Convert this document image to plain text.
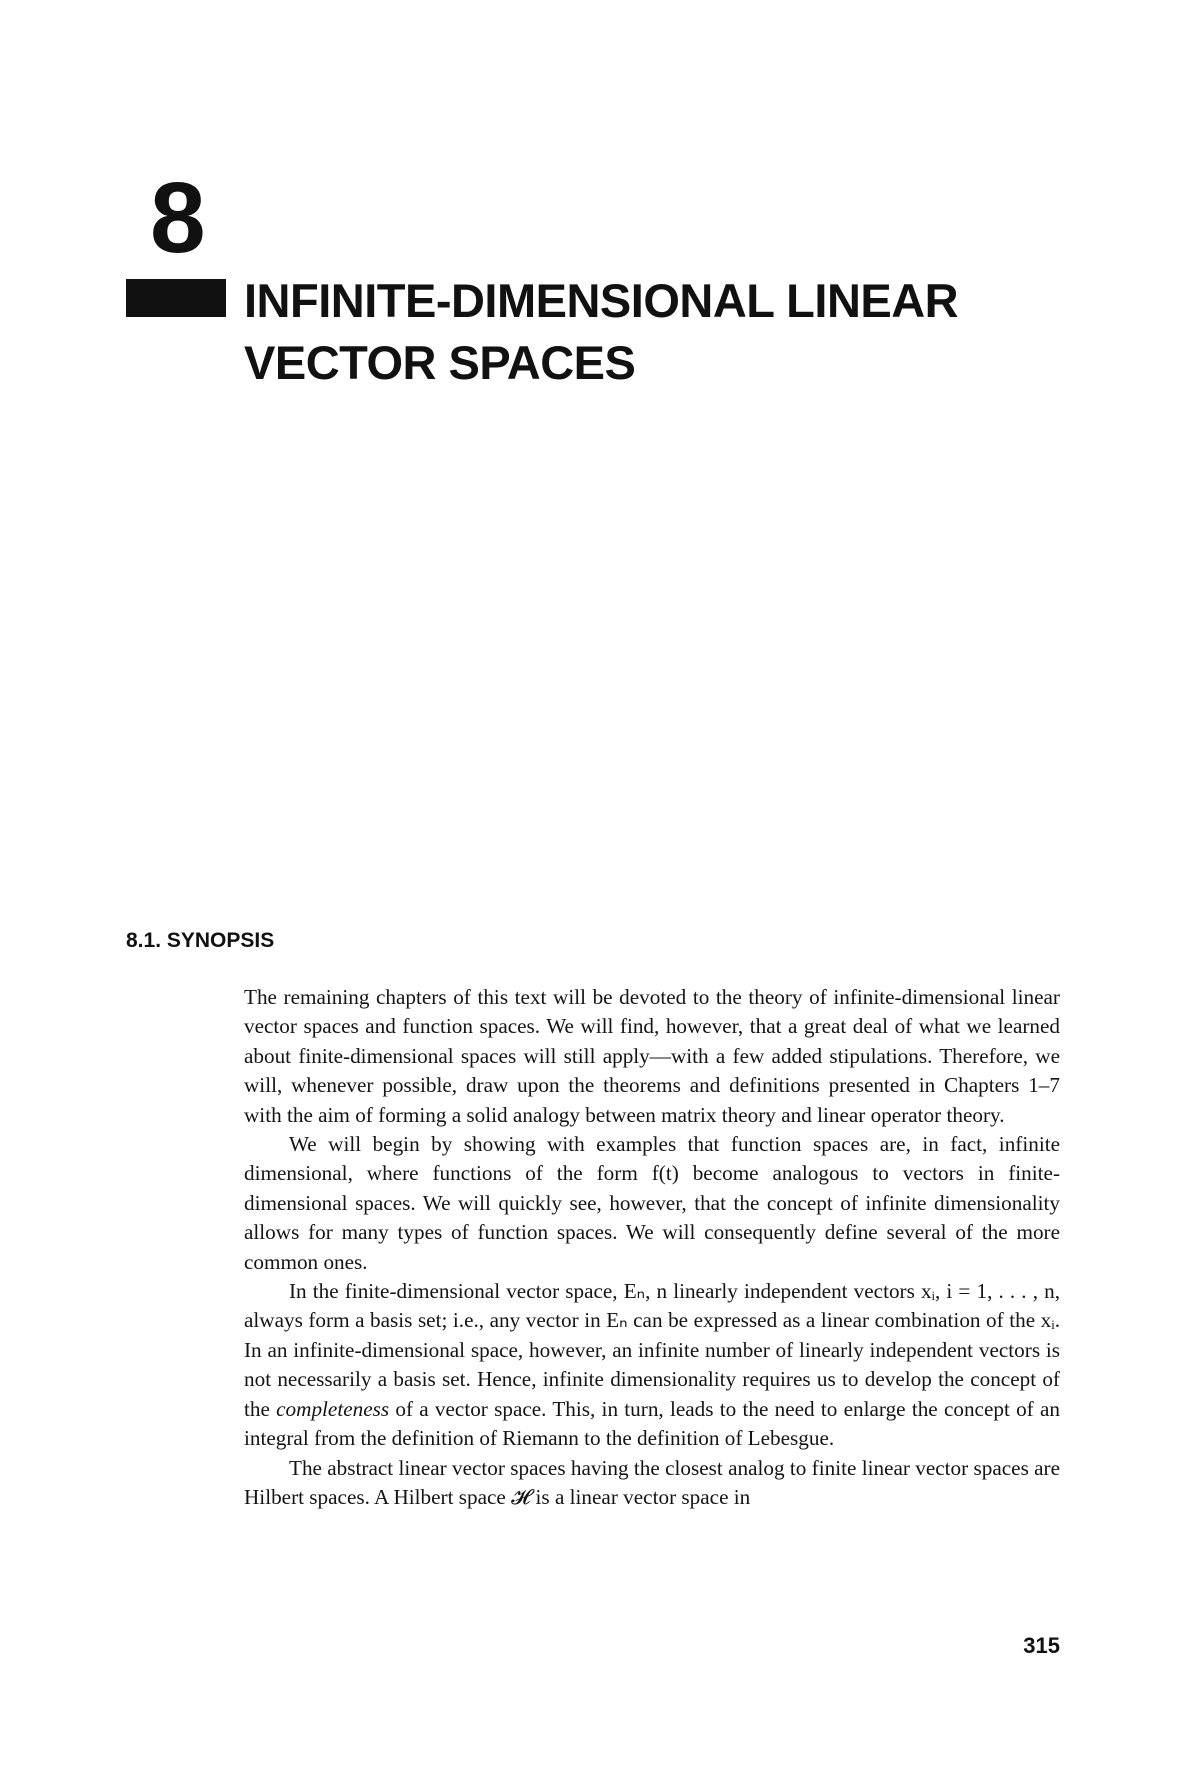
8
INFINITE-DIMENSIONAL LINEAR
VECTOR SPACES
8.1. SYNOPSIS

The remaining chapters of this text will be devoted to the theory of infinite-dimensional linear vector spaces and function spaces. We will find, however, that a great deal of what we learned about finite-dimensional spaces will still apply—with a few added stipulations. Therefore, we will, whenever possible, draw upon the theorems and definitions presented in Chapters 1–7 with the aim of forming a solid analogy between matrix theory and linear operator theory.

We will begin by showing with examples that function spaces are, in fact, infinite dimensional, where functions of the form f(t) become analogous to vectors in finite-dimensional spaces. We will quickly see, however, that the concept of infinite dimensionality allows for many types of function spaces. We will consequently define several of the more common ones.

In the finite-dimensional vector space, Eₙ, n linearly independent vectors xᵢ, i = 1, . . . , n, always form a basis set; i.e., any vector in Eₙ can be expressed as a linear combination of the xᵢ. In an infinite-dimensional space, however, an infinite number of linearly independent vectors is not necessarily a basis set. Hence, infinite dimensionality requires us to develop the concept of the completeness of a vector space. This, in turn, leads to the need to enlarge the concept of an integral from the definition of Riemann to the definition of Lebesgue.

The abstract linear vector spaces having the closest analog to finite linear vector spaces are Hilbert spaces. A Hilbert space 𝓗 is a linear vector space in

315
